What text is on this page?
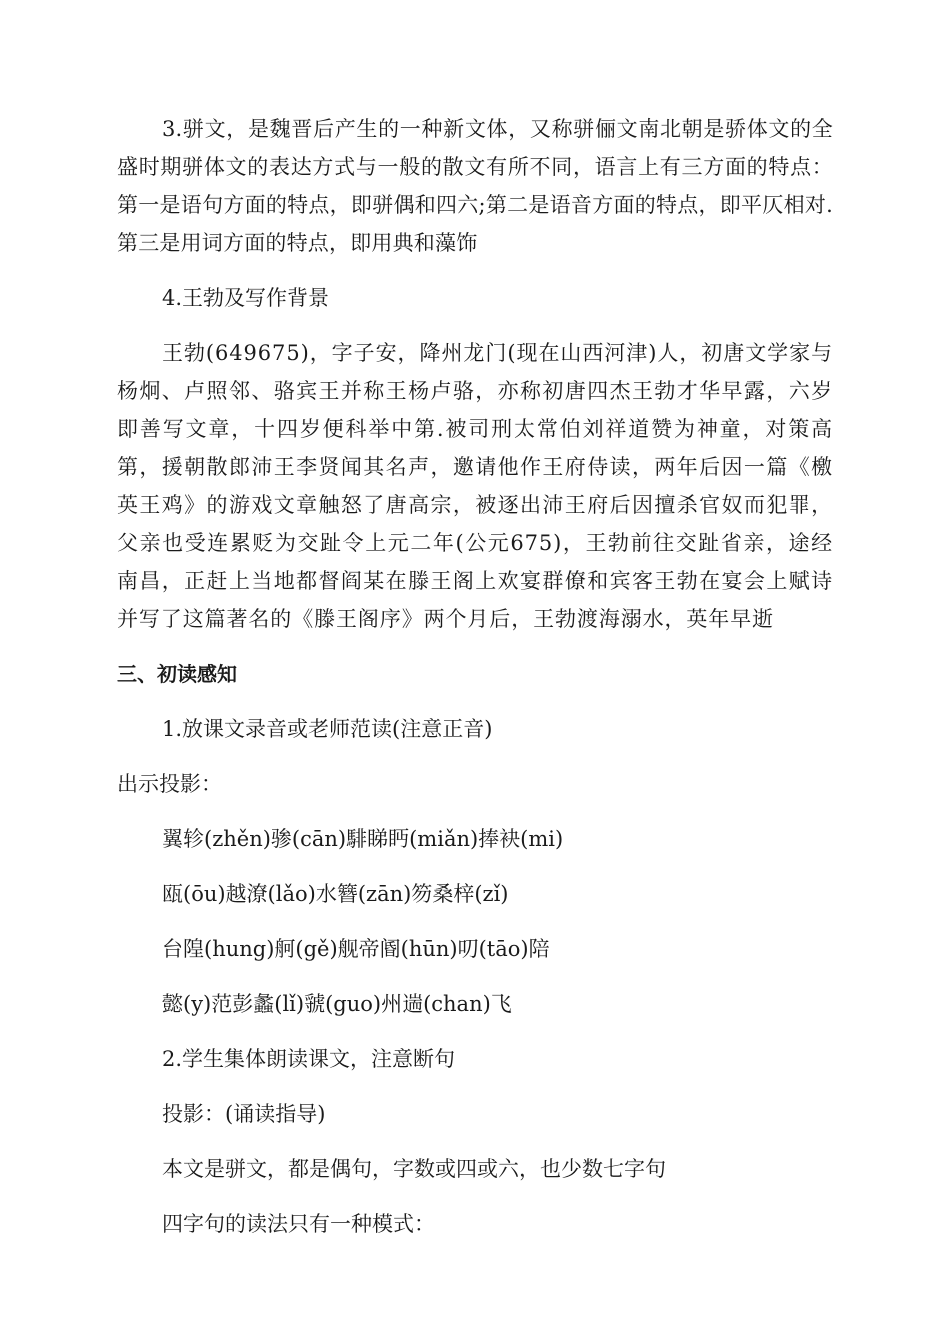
3.骈文，是魏晋后产生的一种新文体，又称骈俪文南北朝是骄体文的全盛时期骈体文的表达方式与一般的散文有所不同，语言上有三方面的特点：第一是语句方面的特点，即骈偶和四六;第二是语音方面的特点，即平仄相对.第三是用词方面的特点，即用典和藻饰

4.王勃及写作背景

王勃(649675)，字子安，降州龙门(现在山西河津)人，初唐文学家与杨炯、卢照邻、骆宾王并称王杨卢骆，亦称初唐四杰王勃才华早露，六岁即善写文章，十四岁便科举中第.被司刑太常伯刘祥道赞为神童，对策高第，援朝散郎沛王李贤闻其名声，邀请他作王府侍读，两年后因一篇《檄英王鸡》的游戏文章触怒了唐高宗，被逐出沛王府后因擅杀官奴而犯罪，父亲也受连累贬为交趾令上元二年(公元675)，王勃前往交趾省亲，途经南昌，正赶上当地都督阎某在滕王阁上欢宴群僚和宾客王勃在宴会上赋诗并写了这篇著名的《滕王阁序》两个月后，王勃渡海溺水，英年早逝

三、初读感知

1.放课文录音或老师范读(注意正音)

出示投影：

翼轸(zhěn)骖(cān)騑睇眄(miǎn)捧袂(mi)

瓯(ōu)越潦(lǎo)水簪(zān)笏桑梓(zǐ)

台隍(hung)舸(gě)舰帝阍(hūn)叨(tāo)陪

懿(y)范彭蠡(lǐ)虢(guo)州遄(chan)飞

2.学生集体朗读课文，注意断句

投影：(诵读指导)

本文是骈文，都是偶句，字数或四或六，也少数七字句

四字句的读法只有一种模式：
